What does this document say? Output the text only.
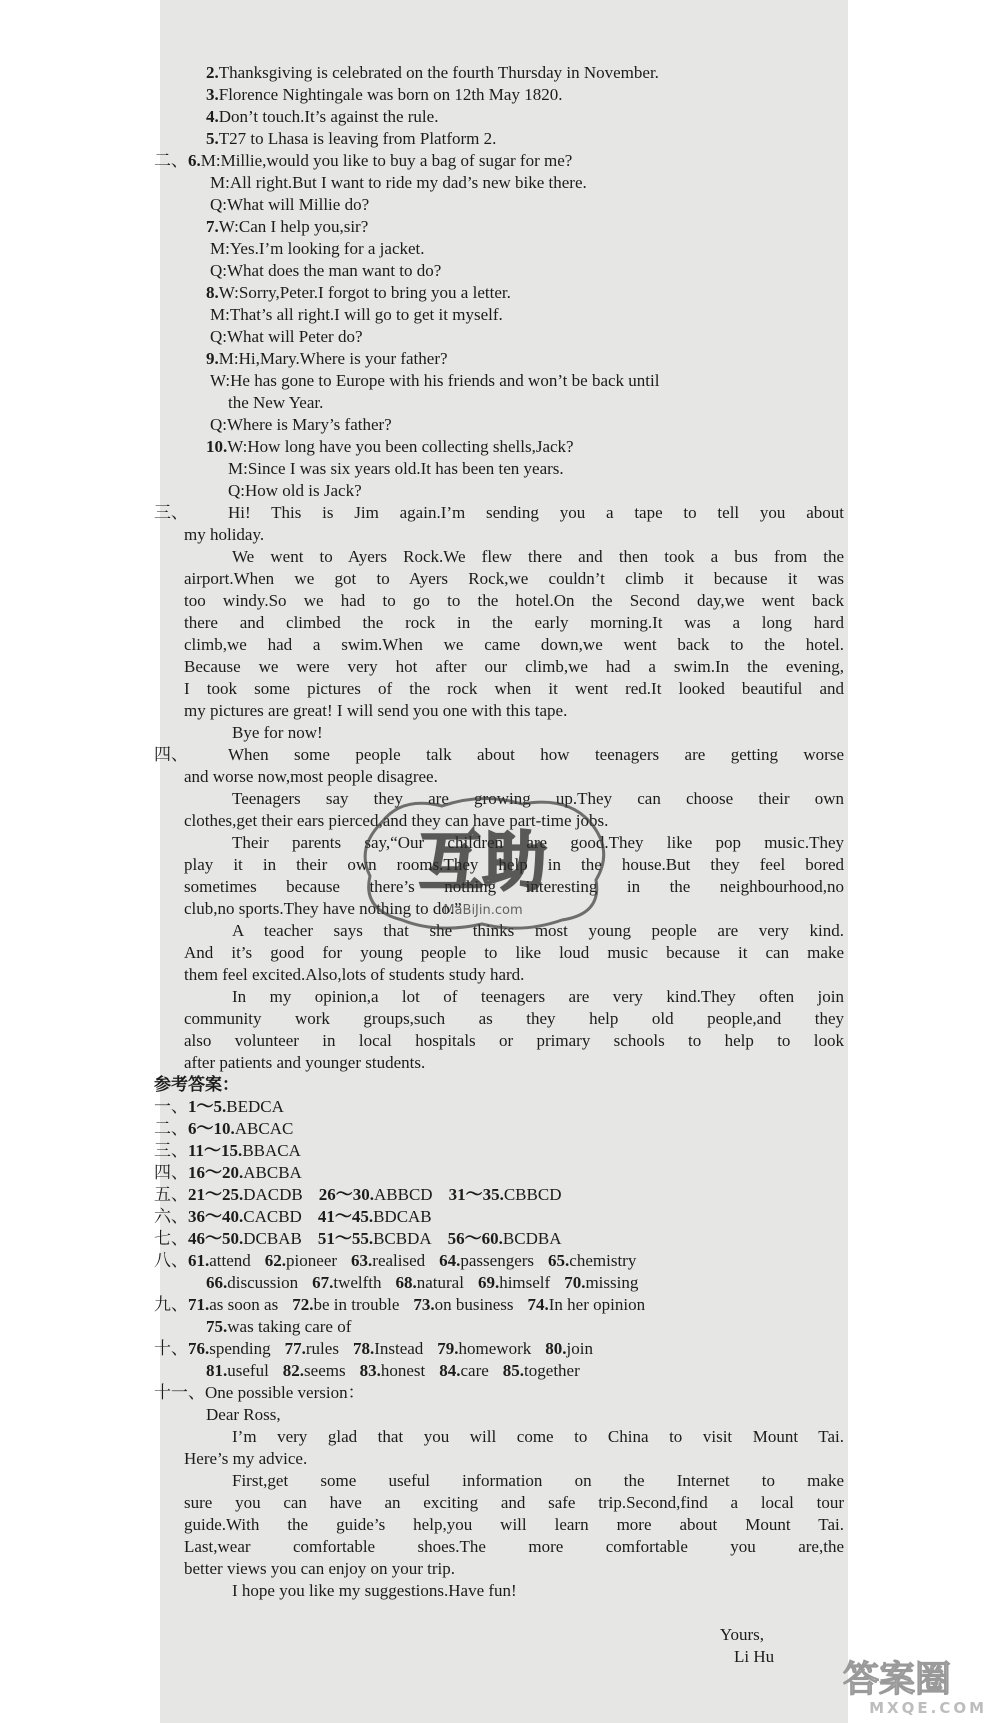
2.Thanksgiving is celebrated on the fourth Thursday in November.
3.Florence Nightingale was born on 12th May 1820.
4.Don’t touch.It’s against the rule.
5.T27 to Lhasa is leaving from Platform 2.
二、6.M:Millie,would you like to buy a bag of sugar for me?
M:All right.But I want to ride my dad’s new bike there.
Q:What will Millie do?
7.W:Can I help you,sir?
M:Yes.I’m looking for a jacket.
Q:What does the man want to do?
8.W:Sorry,Peter.I forgot to bring you a letter.
M:That’s all right.I will go to get it myself.
Q:What will Peter do?
9.M:Hi,Mary.Where is your father?
W:He has gone to Europe with his friends and won’t be back until
the New Year.
Q:Where is Mary’s father?
10.W:How long have you been collecting shells,Jack?
M:Since I was six years old.It has been ten years.
Q:How old is Jack?
三、 Hi! This is Jim again.I’m sending you a tape to tell you about
my holiday.
We went to Ayers Rock.We flew there and then took a bus from the
airport.When we got to Ayers Rock,we couldn’t climb it because it was
too windy.So we had to go to the hotel.On the Second day,we went back
there and climbed the rock in the early morning.It was a long hard
climb,we had a swim.When we came down,we went back to the hotel.
Because we were very hot after our climb,we had a swim.In the evening,
I took some pictures of the rock when it went red.It looked beautiful and
my pictures are great! I will send you one with this tape.
Bye for now!
四、 When some people talk about how teenagers are getting worse
and worse now,most people disagree.
Teenagers say they are growing up.They can choose their own
clothes,get their ears pierced,and they can have part-time jobs.
Their parents say,“Our children are good.They like pop music.They
play it in their own rooms.They help in the house.But they feel bored
sometimes because there’s nothing interesting in the neighbourhood,no
club,no sports.They have nothing to do.”
A teacher says that she thinks most young people are very kind.
And it’s good for young people to like loud music because it can make
them feel excited.Also,lots of students study hard.
In my opinion,a lot of teenagers are very kind.They often join
community work groups,such as they help old people,and they
also volunteer in local hospitals or primary schools to help to look
after patients and younger students.
参考答案：
一、1～5.BEDCA
二、6～10.ABCAC
三、11～15.BBACA
四、16～20.ABCBA
五、21～25.DACDB 26～30.ABBCD 31～35.CBBCD
六、36～40.CACBD 41～45.BDCAB
七、46～50.DCBAB 51～55.BCBDA 56～60.BCDBA
八、61.attend 62.pioneer 63.realised 64.passengers 65.chemistry
66.discussion 67.twelfth 68.natural 69.himself 70.missing
九、71.as soon as 72.be in trouble 73.on business 74.In her opinion
75.was taking care of
十、76.spending 77.rules 78.Instead 79.homework 80.join
81.useful 82.seems 83.honest 84.care 85.together
十一、One possible version：
Dear Ross,
I’m very glad that you will come to China to visit Mount Tai.
Here’s my advice.
First,get some useful information on the Internet to make
sure you can have an exciting and safe trip.Second,find a local tour
guide.With the guide’s help,you will learn more about Mount Tai.
Last,wear comfortable shoes.The more comfortable you are,the
better views you can enjoy on your trip.
I hope you like my suggestions.Have fun!
Yours,
Li Hu
互助
MaBiJin.com
答案圈
MXQE.COM
